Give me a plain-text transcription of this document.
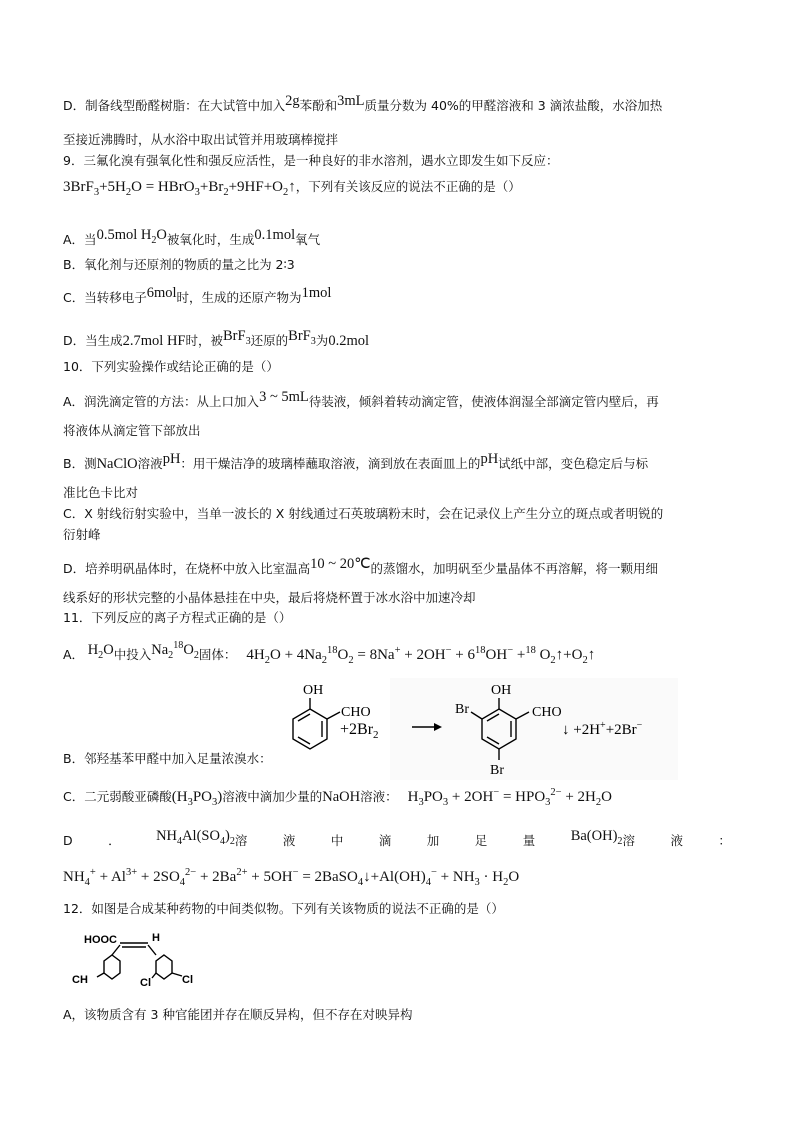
D．制备线型酚醛树脂：在大试管中加入$^{2g}$苯酚和$^{3mL}$质量分数为 40%的甲醛溶液和 3 滴浓盐酸，水浴加热
至接近沸腾时，从水浴中取出试管并用玻璃棒搅拌
9．三氟化溴有强氧化性和强反应活性，是一种良好的非水溶剂，遇水立即发生如下反应：
$3BrF_3+5H_2O$ = $HBrO_3+Br_2+9HF+O_2↑$，下列有关该反应的说法不正确的是（）
A．当$^{0.5mol}$ $^{H_2O}$被氧化时，生成$^{0.1mol}$氧气
B．氧化剂与还原剂的物质的量之比为 2∶3
C．当转移电子$^{6mol}$时，生成的还原产物为$^{1mol}$
D．当生成2.7mol HF时，被$^{BrF_3}$还原的$^{BrF_3}$为0.2mol
10．下列实验操作或结论正确的是（）
A．润洗滴定管的方法：从上口加入$^{3 \sim 5mL}$待装液，倾斜着转动滴定管，使液体润湿全部滴定管内壁后，再
将液体从滴定管下部放出
B．测NaClO溶液$^{pH}$：用干燥洁净的玻璃棒蘸取溶液，滴到放在表面皿上的$^{pH}$试纸中部，变色稳定后与标
准比色卡比对
C．X 射线衍射实验中，当单一波长的 X 射线通过石英玻璃粉末时，会在记录仪上产生分立的斑点或者明锐的
衍射峰
D．培养明矾晶体时，在烧杯中放入比室温高$^{10 \sim 20℃}$的蒸馏水，加明矾至少量晶体不再溶解，将一颗用细
线系好的形状完整的小晶体悬挂在中央，最后将烧杯置于冰水浴中加速冷却
11．下列反应的离子方程式正确的是（）
A． $^{H_2O}$中投入$^{Na_2^{18}O_2}$固体： $4H_2O + 4Na_2^{18}O_2 = 8Na^+ + 2OH^- + 6^{18}OH^- +^{18}$ $O_2↑+O_2↑$
OH
CHO
$+2Br_2$
OH
Br	CHO
Br
↓ +2H++2Br−
B．邻羟基苯甲醛中加入足量浓溴水：
C．二元弱酸亚磷酸$(H_3PO_3)$溶液中滴加少量的NaOH溶液： $H_3PO_3 + 2OH^- = HPO_3^{2-} + 2H_2O$
D	． $^{NH_4Al(SO_4)_2}$溶	液	中	滴	加	足	量 $^{Ba(OH)_2}$溶	液	：
$NH_4^+ + Al^{3+} + 2SO_4^{2-} + 2Ba^{2+} + 5OH^-$ = $2BaSO_4↓+Al(OH)_4^- + NH_3 \cdot H_2O$
12．如图是合成某种药物的中间类似物。下列有关该物质的说法不正确的是（）
HOOC	H
CH	Cl	Cl
A，该物质含有 3 种官能团并存在顺反异构，但不存在对映异构
